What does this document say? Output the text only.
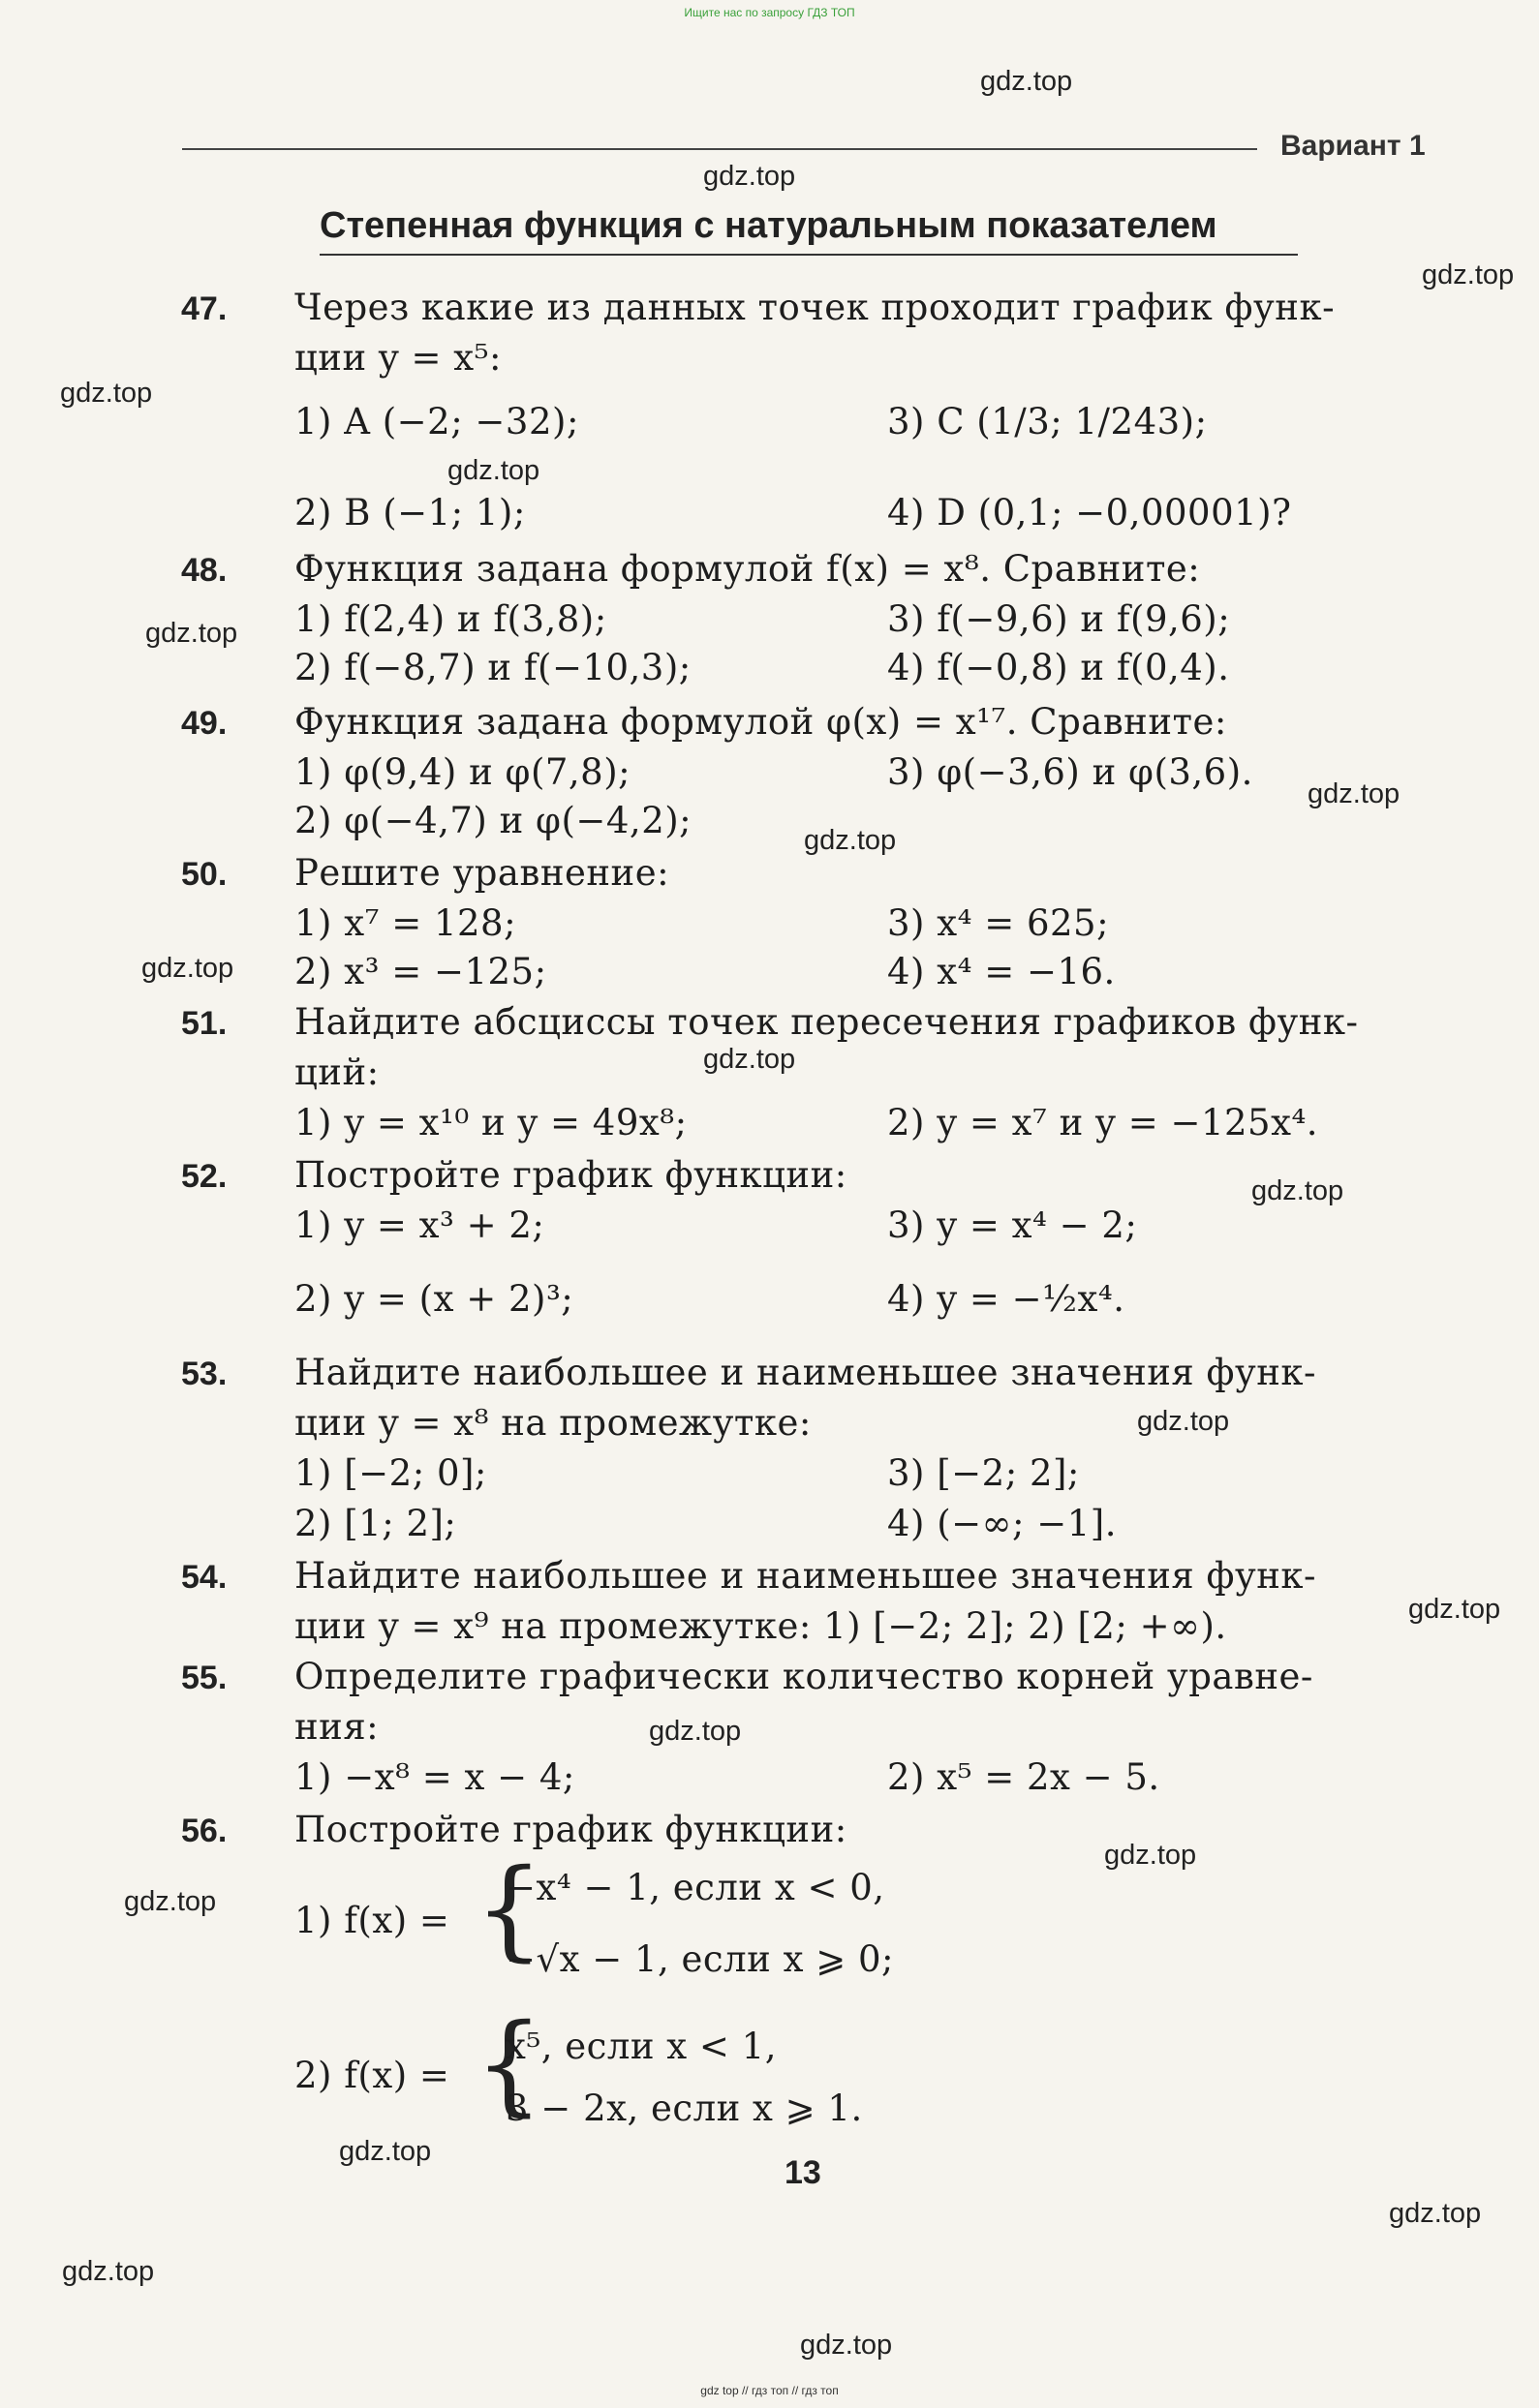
Ищите нас по запросу ГДЗ ТОП
Вариант 1
Степенная функция с натуральным показателем
47. Через какие из данных точек проходит график функ-
ции y = x⁵:
1) A (−2; −32);	3) C (1/3; 1/243);
2) B (−1; 1);	4) D (0,1; −0,00001)?
48. Функция задана формулой f(x) = x⁸. Сравните:
1) f(2,4) и f(3,8);	3) f(−9,6) и f(9,6);
2) f(−8,7) и f(−10,3);	4) f(−0,8) и f(0,4).
49. Функция задана формулой φ(x) = x¹⁷. Сравните:
1) φ(9,4) и φ(7,8);	3) φ(−3,6) и φ(3,6).
2) φ(−4,7) и φ(−4,2);
50. Решите уравнение:
1) x⁷ = 128;	3) x⁴ = 625;
2) x³ = −125;	4) x⁴ = −16.
51. Найдите абсциссы точек пересечения графиков функ-
ций:
1) y = x¹⁰ и y = 49x⁸;	2) y = x⁷ и y = −125x⁴.
52. Постройте график функции:
1) y = x³ + 2;	3) y = x⁴ − 2;
2) y = (x + 2)³;	4) y = −½x⁴.
53. Найдите наибольшее и наименьшее значения функ-
ции y = x⁸ на промежутке:
1) [−2; 0];	3) [−2; 2];
2) [1; 2];	4) (−∞; −1].
54. Найдите наибольшее и наименьшее значения функ-
ции y = x⁹ на промежутке: 1) [−2; 2]; 2) [2; +∞).
55. Определите графически количество корней уравне-
ния:
1) −x⁸ = x − 4;	2) x⁵ = 2x − 5.
56. Постройте график функции:
1) f(x) = {
−x⁴ − 1, если x < 0,
−√x − 1, если x ⩾ 0;
2) f(x) = {
x⁵, если x < 1,
3 − 2x, если x ⩾ 1.
13
gdz.top
gdz.top
gdz.top
gdz.top
gdz.top
gdz.top
gdz.top
gdz.top
gdz.top
gdz.top
gdz.top
gdz.top
gdz.top
gdz.top
gdz.top
gdz.top
gdz.top
gdz.top
gdz.top
gdz.top
gdz top // гдз топ // гдз топ
